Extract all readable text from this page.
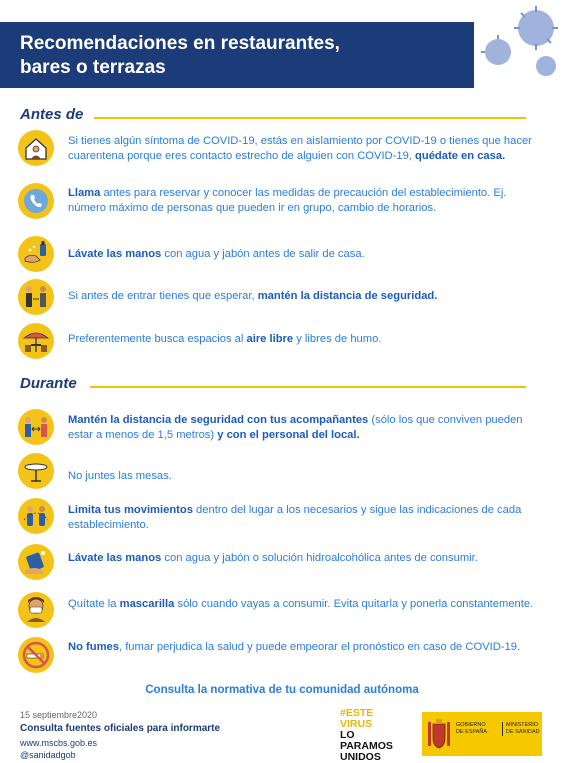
Recomendaciones en restaurantes,
bares o terrazas
Antes de
Durante
Si tienes algún síntoma de COVID-19, estás en aislamiento por COVID-19 o tienes que hacer cuarentena porque eres contacto estrecho de alguien con COVID-19, quédate en casa.
Llama antes para reservar y conocer las medidas de precaución del establecimiento. Ej. número máximo de personas que pueden ir en grupo, cambio de horarios.
Lávate las manos con agua y jabón antes de salir de casa.
Si antes de entrar tienes que esperar, mantén la distancia de seguridad.
Preferentemente busca espacios al aire libre y libres de humo.
Mantén la distancia de seguridad con tus acompañantes (sólo los que conviven pueden estar a menos de 1,5 metros) y con el personal del local.
No juntes las mesas.
Limita tus movimientos dentro del lugar a los necesarios y sigue las indicaciones de cada establecimiento.
Lávate las manos con agua y jabón o solución hidroalcohólica antes de consumir.
Quítate la mascarilla sólo cuando vayas a consumir. Evita quitarla y ponerla constantemente.
No fumes, fumar perjudica la salud y puede empeorar el pronóstico en caso de COVID-19.
Consulta la normativa de tu comunidad autónoma
15 septiembre2020
Consulta fuentes oficiales para informarte
www.mscbs.gob.es
@sanidadgob
#ESTE
VIRUS
LO
PARAMOS
UNIDOS
GOBIERNO
DE ESPAÑA
MINISTERIO
DE SANIDAD
